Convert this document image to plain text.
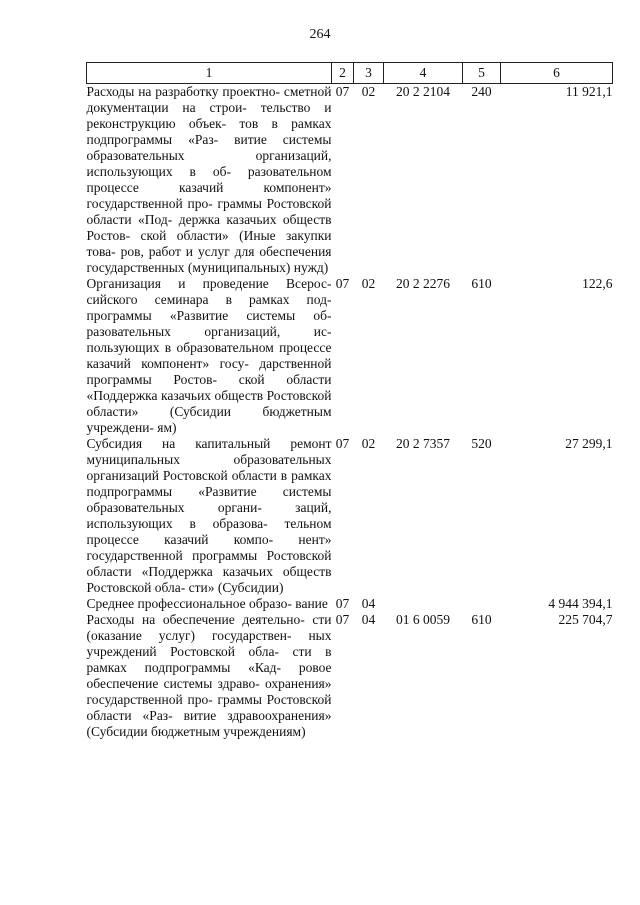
264
1	2	3	4	5	6
Расходы на разработку проектно- сметной документации на строи- тельство и реконструкцию объек- тов в рамках подпрограммы «Раз- витие системы образовательных организаций, использующих в об- разовательном процессе казачий компонент» государственной про- граммы Ростовской области «Под- держка казачьих обществ Ростов- ской области» (Иные закупки това- ров, работ и услуг для обеспечения государственных (муниципальных) нужд)	07	02	20 2 2104	240	11 921,1
Организация и проведение Всерос- сийского семинара в рамках под- программы «Развитие системы об- разовательных организаций, ис- пользующих в образовательном процессе казачий компонент» госу- дарственной программы Ростов- ской области «Поддержка казачьих обществ Ростовской области» (Субсидии бюджетным учреждени- ям)	07	02	20 2 2276	610	122,6
Субсидия на капитальный ремонт муниципальных образовательных организаций Ростовской области в рамках подпрограммы «Развитие системы образовательных органи- заций, использующих в образова- тельном процессе казачий компо- нент» государственной программы Ростовской области «Поддержка казачьих обществ Ростовской обла- сти» (Субсидии)	07	02	20 2 7357	520	27 299,1
Среднее профессиональное образо- вание	07	04			4 944 394,1
Расходы на обеспечение деятельно- сти (оказание услуг) государствен- ных учреждений Ростовской обла- сти в рамках подпрограммы «Кад- ровое обеспечение системы здраво- охранения» государственной про- граммы Ростовской области «Раз- витие здравоохранения» (Субсидии бюджетным учреждениям)	07	04	01 6 0059	610	225 704,7
